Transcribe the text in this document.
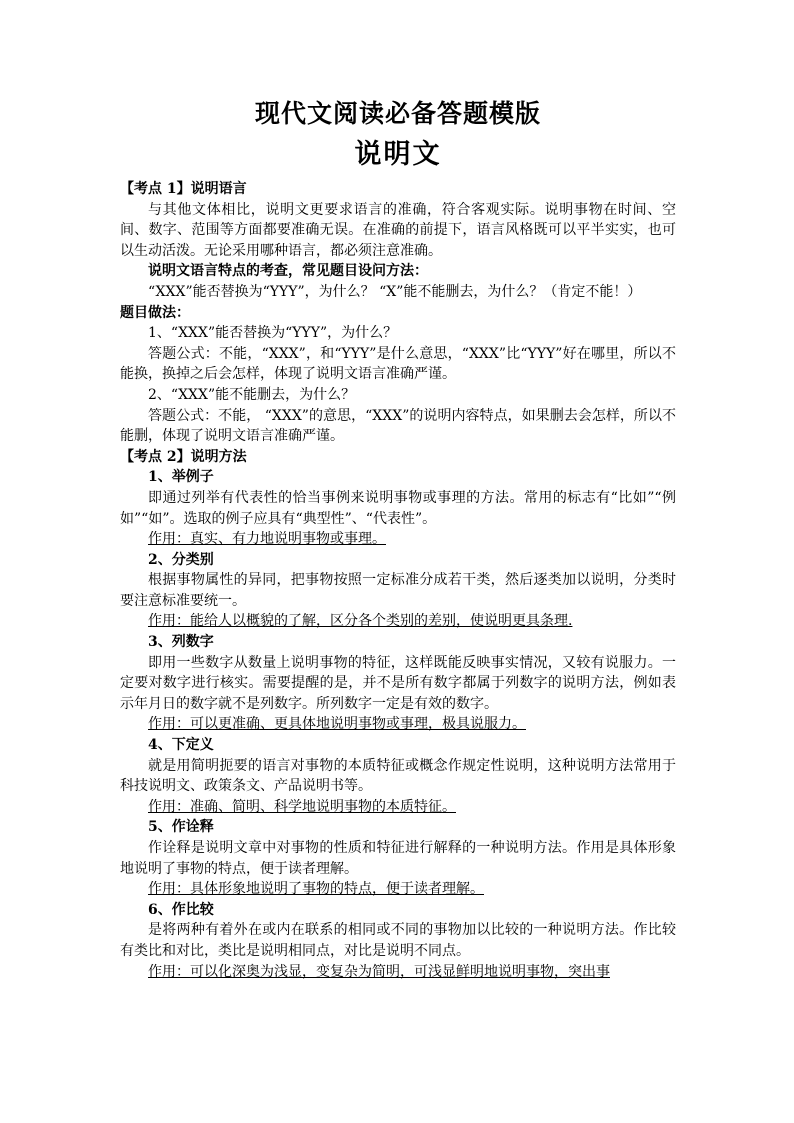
现代文阅读必备答题模版

说明文

【考点 1】说明语言

与其他文体相比，说明文更要求语言的准确，符合客观实际。说明事物在时间、空间、数字、范围等方面都要准确无误。在准确的前提下，语言风格既可以平半实实，也可以生动活泼。无论采用哪种语言，都必须注意准确。

说明文语言特点的考查，常见题目设问方法：

“XXX”能否替换为“YYY”，为什么？ “X”能不能删去，为什么？（肯定不能！）

题目做法：

1、“XXX”能否替换为“YYY”，为什么？

答题公式：不能，“XXX”，和“YYY”是什么意思，“XXX”比“YYY”好在哪里，所以不能换，换掉之后会怎样，体现了说明文语言准确严谨。

2、“XXX”能不能删去，为什么？

答题公式：不能， “XXX”的意思，“XXX”的说明内容特点，如果删去会怎样，所以不能删，体现了说明文语言准确严谨。

【考点 2】说明方法

1、举例子

即通过列举有代表性的恰当事例来说明事物或事理的方法。常用的标志有“比如”“例如”“如”。选取的例子应具有“典型性”、“代表性”。

作用：真实、有力地说明事物或事理。

2、分类别

根据事物属性的异同，把事物按照一定标准分成若干类，然后逐类加以说明，分类时要注意标准要统一。

作用：能给人以概貌的了解，区分各个类别的差别，使说明更具条理.

3、列数字

即用一些数字从数量上说明事物的特征，这样既能反映事实情况，又较有说服力。一定要对数字进行核实。需要提醒的是，并不是所有数字都属于列数字的说明方法，例如表示年月日的数字就不是列数字。所列数字一定是有效的数字。

作用：可以更准确、更具体地说明事物或事理，极具说服力。

4、下定义

就是用简明扼要的语言对事物的本质特征或概念作规定性说明，这种说明方法常用于科技说明文、政策条文、产品说明书等。

作用：准确、简明、科学地说明事物的本质特征。

5、作诠释

作诠释是说明文章中对事物的性质和特征进行解释的一种说明方法。作用是具体形象地说明了事物的特点，便于读者理解。

作用：具体形象地说明了事物的特点，便于读者理解。

6、作比较

是将两种有着外在或内在联系的相同或不同的事物加以比较的一种说明方法。作比较有类比和对比，类比是说明相同点，对比是说明不同点。

作用：可以化深奥为浅显，变复杂为简明，可浅显鲜明地说明事物，突出事
